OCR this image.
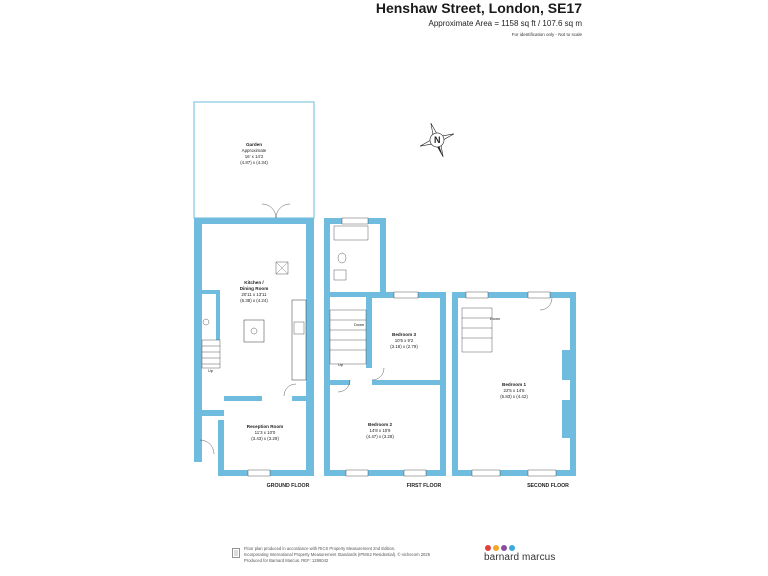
Henshaw Street, London, SE17
Approximate Area = 1158 sq ft / 107.6 sq m
For identification only - Not to scale
N
Garden
Approximate
16' x 14'2
(4.87) x (4.34)
Kitchen /
Dining Room
20'11 x 13'11
(6.38) x (4.24)
Reception Room
11'3 x 10'0
(3.43) x (3.29)
Up
GROUND FLOOR
Bedroom 3
10'5 x 9'2
(3.18) x (2.79)
Bedroom 2
14'8 x 10'9
(4.47) x (3.28)
Down
Up
FIRST FLOOR
Bedroom 1
22'5 x 14'6
(6.83) x (4.42)
Down
SECOND FLOOR
Floor plan produced in accordance with RICS Property Measurement 2nd Edition,
Incorporating International Property Measurement Standards (IPMS2 Residential). © nichecom 2025
Produced for Barnard Marcus. REF: 1286042	barnard marcus
